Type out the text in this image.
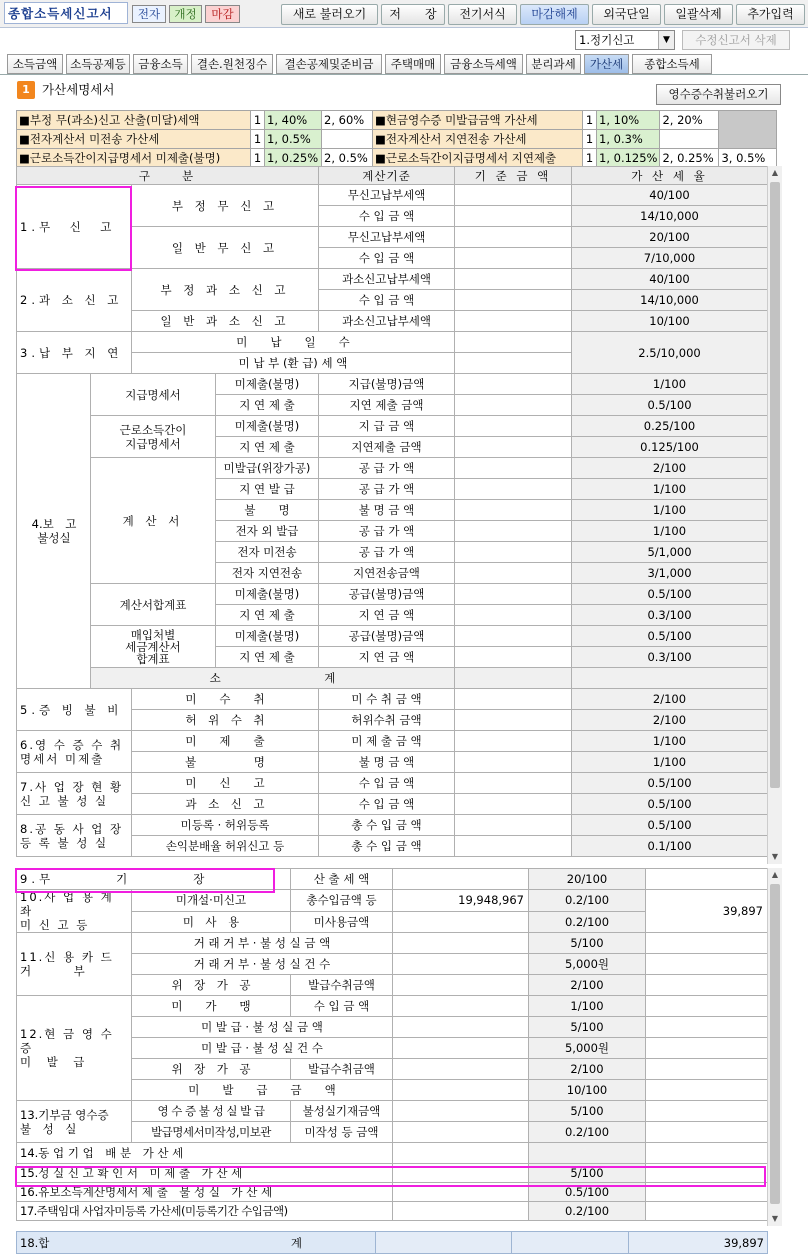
종합소득세신고서	전자	개정	마감	새로 불러오기	저　　장	전기서식	마감해제	외국단일	일괄삭제	추가입력
1.정기신고	▼	수정신고서 삭제
소득금액	소득공제등	금융소득	결손.원천징수	결손공제및준비금	주택매매	금융소득세액	분리과세	가산세	종합소득세
1 가산세명세서	영수증수취불러오기
■부정 무(과소)신고 산출(미달)세액	1	1, 40%	2, 60%	■현금영수증 미발급금액 가산세	1	1, 10%	2, 20%	
■전자계산서 미전송 가산세	1	1, 0.5%		■전자계산서 지연전송 가산세	1	1, 0.3%		
■근로소득간이지급명세서 미제출(불명)	1	1, 0.25%	2, 0.5%	■근로소득간이지급명세서 지연제출	1	1, 0.125%	2, 0.25%	3, 0.5%
구　　분				계산기준	기 준 금 액	가 산 세 율	
1.무　신　고		부 정 무 신 고		무신고납부세액		40/100	
				수 입 금 액		14/10,000	
		일 반 무 신 고		무신고납부세액		20/100	
				수 입 금 액		7/10,000	
2.과 소 신 고		부 정 과 소 신 고		과소신고납부세액		40/100	
				수 입 금 액		14/10,000	
		일 반 과 소 신 고		과소신고납부세액		10/100	
3.납 부 지 연		미　　납　　일　　수				2.5/10,000	
		미 납 부 (환 급) 세 액					
4.보　고
불성실	지급명세서		미제출(불명)	지급(불명)금액		1/100	
			지 연 제 출	지연 제출 금액		0.5/100	
	근로소득간이
지급명세서		미제출(불명)	지 급 금 액		0.25/100	
			지 연 제 출	지연제출 금액		0.125/100	
	계 산 서		미발급(위장가공)	공 급 가 액		2/100	
			지 연 발 급	공 급 가 액		1/100	
			불　　명	불 명 금 액		1/100	
			전자 외 발급	공 급 가 액		1/100	
			전자 미전송	공 급 가 액		5/1,000	
			전자 지연전송	지연전송금액		3/1,000	
	계산서합계표		미제출(불명)	공급(불명)금액		0.5/100	
			지 연 제 출	지 연 금 액		0.3/100	
	매입처별
세금계산서
합계표		미제출(불명)	공급(불명)금액		0.5/100	
			지 연 제 출	지 연 금 액		0.3/100	
	소　　　　　　　　　계						
5.증 빙 불 비		미　　수　　취		미 수 취 금 액		2/100	
		허　위　수　취		허위수취 금액		2/100	
6.영 수 증 수 취
명세서 미제출		미　　제　　출		미 제 출 금 액		1/100	
		불　　　　　명		불 명 금 액		1/100	
7.사 업 장 현 황
신 고 불 성 실		미　　신　　고		수 입 금 액		0.5/100	
		과　소　신　고		수 입 금 액		0.5/100	
8.공 동 사 업 장
등 록 불 성 실		미등록 · 허위등록		총 수 입 금 액		0.5/100	
		손익분배율 허위신고 등		총 수 입 금 액		0.1/100	
▲
▼
9.무　　　　기　　　　장		산 출 세 액		20/100	
10.사 업 용 계 좌
미 신 고 등	미개설·미신고	총수입금액 등	19,948,967	0.2/100	39,897
	미　사　용	미사용금액		0.2/100	
11.신 용 카 드
거　　　부	거 래 거 부 · 불 성 실 금 액			5/100	
	거 래 거 부 · 불 성 실 건 수			5,000원	
	위　장　가　공	발급수취금액		2/100	
12.현 금 영 수 증
미　발　급	미　　가　　맹	수 입 금 액		1/100	
	미 발 급 · 불 성 실 금 액			5/100	
	미 발 급 · 불 성 실 건 수			5,000원	
	위　장　가　공	발급수취금액		2/100	
	미　　발　　급　　금　　액			10/100	
13.기부금 영수증
불　성　실	영 수 증 불 성 실 발 급	불성실기재금액		5/100	
	발급명세서미작성,미보관	미작성 등 금액		0.2/100	
14.동 업 기 업　배 분　가 산 세					
15.성 실 신 고 확 인 서　미 제 출　가 산 세				5/100	
16.유보소득계산명세서 제 출　불 성 실　가 산 세				0.5/100	
17.주택임대 사업자미등록 가산세(미등록기간 수입금액)				0.2/100	
▲
▼
18.합　　　　　　　　　　　　　　　　　　　　　계			39,897
